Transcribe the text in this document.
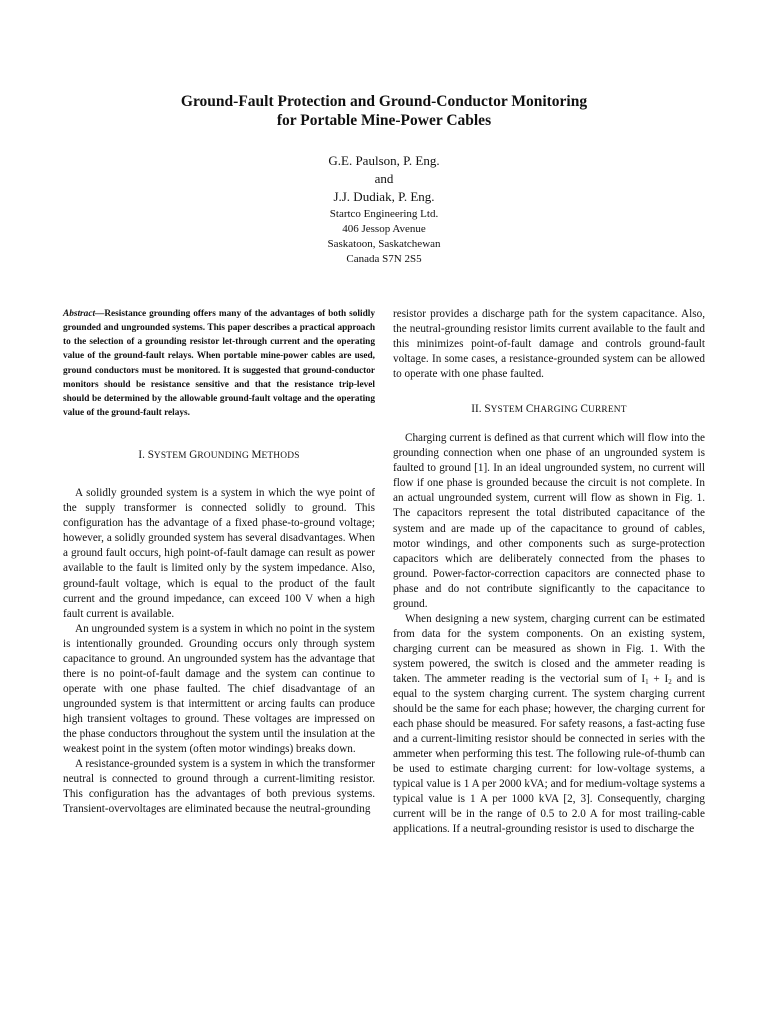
Ground-Fault Protection and Ground-Conductor Monitoring
for Portable Mine-Power Cables
G.E. Paulson, P. Eng.
and
J.J. Dudiak, P. Eng.
Startco Engineering Ltd.
406 Jessop Avenue
Saskatoon, Saskatchewan
Canada S7N 2S5

Abstract—Resistance grounding offers many of the advantages of both solidly grounded and ungrounded systems. This paper describes a practical approach to the selection of a grounding resistor let-through current and the operating value of the ground-fault relays. When portable mine-power cables are used, ground conductors must be monitored. It is suggested that ground-conductor monitors should be resistance sensitive and that the resistance trip-level should be determined by the allowable ground-fault voltage and the operating value of the ground-fault relays.

I. SYSTEM GROUNDING METHODS

A solidly grounded system is a system in which the wye point of the supply transformer is connected solidly to ground. This configuration has the advantage of a fixed phase-to-ground voltage; however, a solidly grounded system has several disadvantages. When a ground fault occurs, high point-of-fault damage can result as power available to the fault is limited only by the system impedance. Also, ground-fault voltage, which is equal to the product of the fault current and the ground impedance, can exceed 100 V when a high fault current is available.

An ungrounded system is a system in which no point in the system is intentionally grounded. Grounding occurs only through system capacitance to ground. An ungrounded system has the advantage that there is no point-of-fault damage and the system can continue to operate with one phase faulted. The chief disadvantage of an ungrounded system is that intermittent or arcing faults can produce high transient voltages to ground. These voltages are impressed on the phase conductors throughout the system until the insulation at the weakest point in the system (often motor windings) breaks down.

A resistance-grounded system is a system in which the transformer neutral is connected to ground through a current-limiting resistor. This configuration has the advantages of both previous systems. Transient-overvoltages are eliminated because the neutral-grounding

resistor provides a discharge path for the system capacitance. Also, the neutral-grounding resistor limits current available to the fault and this minimizes point-of-fault damage and controls ground-fault voltage. In some cases, a resistance-grounded system can be allowed to operate with one phase faulted.

II. SYSTEM CHARGING CURRENT

Charging current is defined as that current which will flow into the grounding connection when one phase of an ungrounded system is faulted to ground [1]. In an ideal ungrounded system, no current will flow if one phase is grounded because the circuit is not complete. In an actual ungrounded system, current will flow as shown in Fig. 1. The capacitors represent the total distributed capacitance of the system and are made up of the capacitance to ground of cables, motor windings, and other components such as surge-protection capacitors which are deliberately connected from the phases to ground. Power-factor-correction capacitors are connected phase to phase and do not contribute significantly to the capacitance to ground.

When designing a new system, charging current can be estimated from data for the system components. On an existing system, charging current can be measured as shown in Fig. 1. With the system powered, the switch is closed and the ammeter reading is taken. The ammeter reading is the vectorial sum of $I_1 + I_2$ and is equal to the system charging current. The system charging current should be the same for each phase; however, the charging current for each phase should be measured. For safety reasons, a fast-acting fuse and a current-limiting resistor should be connected in series with the ammeter when performing this test. The following rule-of-thumb can be used to estimate charging current: for low-voltage systems, a typical value is 1 A per 2000 kVA; and for medium-voltage systems a typical value is 1 A per 1000 kVA [2, 3]. Consequently, charging current will be in the range of 0.5 to 2.0 A for most trailing-cable applications. If a neutral-grounding resistor is used to discharge the
